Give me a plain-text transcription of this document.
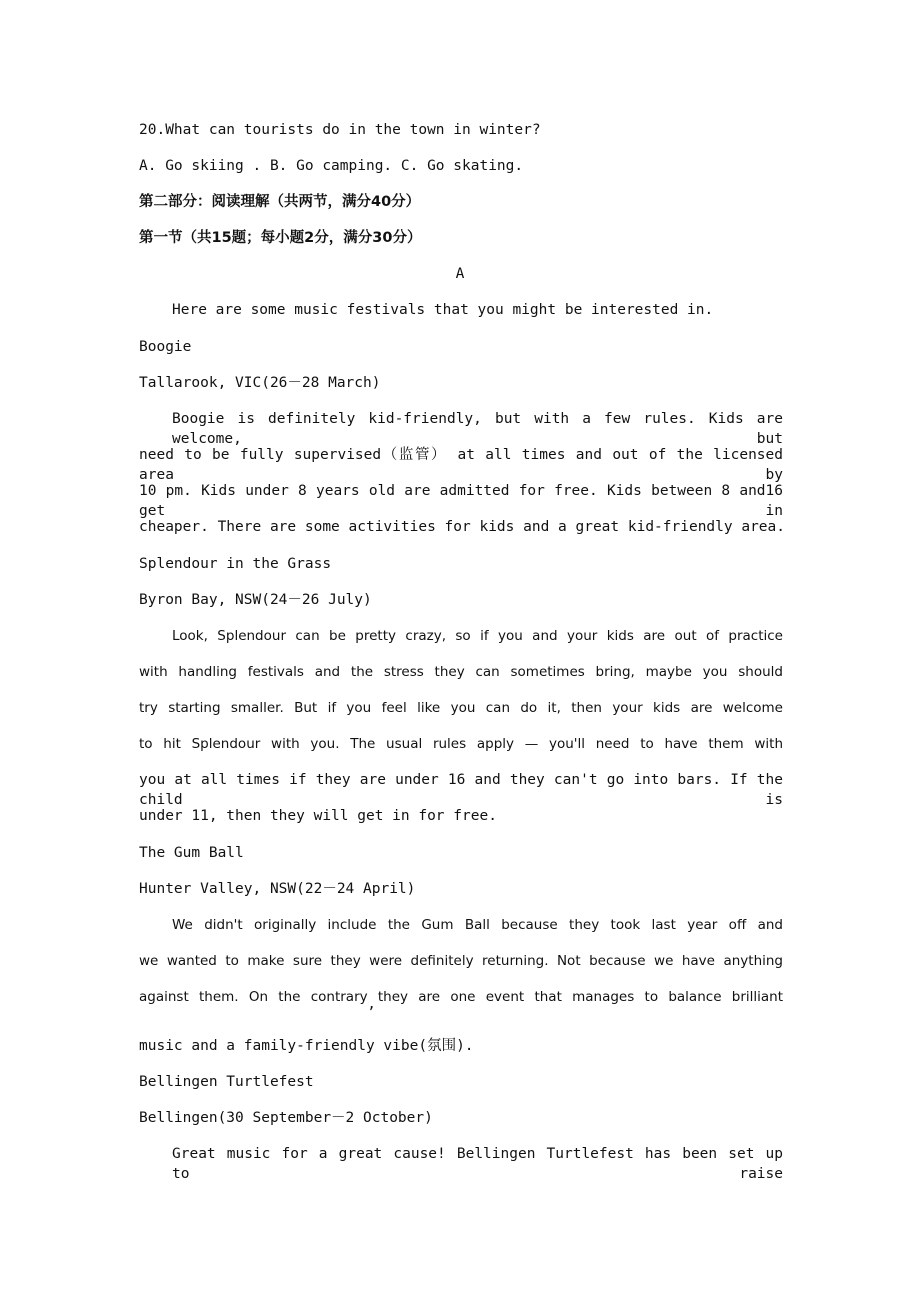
20.What can tourists do in the town in winter?
A. Go skiing . B. Go camping. C. Go skating.
第二部分：阅读理解（共两节，满分40分）
第一节（共15题；每小题2分，满分30分）
A
Here are some music festivals that you might be interested in.
Boogie
Tallarook, VIC(26－28 March)
Boogie is definitely kid-friendly, but with a few rules. Kids are welcome, but
need to be fully supervised（监管） at all times and out of the licensed area by
10 pm. Kids under 8 years old are admitted for free. Kids between 8 and16 get in
cheaper. There are some activities for kids and a great kid-friendly area.
Splendour in the Grass
Byron Bay, NSW(24－26 July)
Look, Splendour can be pretty crazy, so if you and your kids are out of practice
with handling festivals and the stress they can sometimes bring, maybe you should
try starting smaller. But if you feel like you can do it, then your kids are welcome
to hit Splendour with you. The usual rules apply — you'll need to have them with
you at all times if they are under 16 and they can't go into bars. If the child is
under 11, then they will get in for free.
The Gum Ball
Hunter Valley, NSW(22－24 April)
We didn't originally include the Gum Ball because they took last year off and
we wanted to make sure they were definitely returning. Not because we have anything
against them. On the contrary they are one event that manages to balance brilliant
’
music and a family-friendly vibe(氛围).
Bellingen Turtlefest
Bellingen(30 September－2 October)
Great music for a great cause! Bellingen Turtlefest has been set up to raise
